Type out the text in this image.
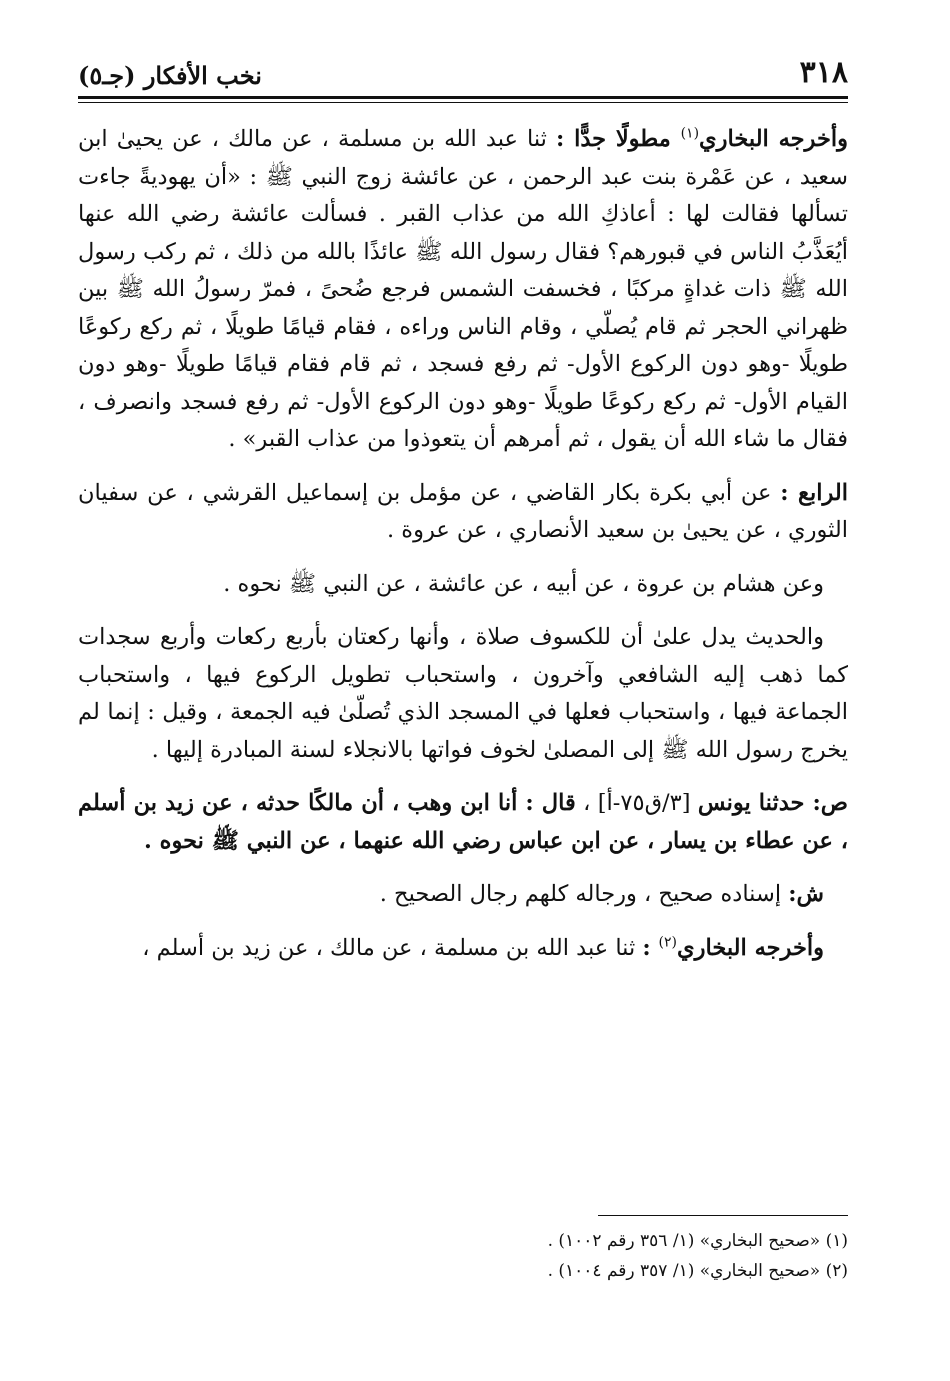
٣١٨
نخب الأفكار (جـ٥)

وأخرجه البخاري$^{(١)}$ مطولًا جدًّا : ثنا عبد الله بن مسلمة ، عن مالك ، عن يحيىٰ ابن سعيد ، عن عَمْرة بنت عبد الرحمن ، عن عائشة زوج النبي ﷺ : «أن يهوديةً جاءت تسألها فقالت لها : أعاذكِ الله من عذاب القبر . فسألت عائشة رضي الله عنها أيُعَذَّبُ الناس في قبورهم؟ فقال رسول الله ﷺ عائذًا بالله من ذلك ، ثم ركب رسول الله ﷺ ذات غداةٍ مركبًا ، فخسفت الشمس فرجع ضُحىً ، فمرّ رسولُ الله ﷺ بين ظهراني الحجر ثم قام يُصلّي ، وقام الناس وراءه ، فقام قيامًا طويلًا ، ثم ركع ركوعًا طويلًا -وهو دون الركوع الأول- ثم رفع فسجد ، ثم قام فقام قيامًا طويلًا -وهو دون القيام الأول- ثم ركع ركوعًا طويلًا -وهو دون الركوع الأول- ثم رفع فسجد وانصرف ، فقال ما شاء الله أن يقول ، ثم أمرهم أن يتعوذوا من عذاب القبر» .

الرابع : عن أبي بكرة بكار القاضي ، عن مؤمل بن إسماعيل القرشي ، عن سفيان الثوري ، عن يحيىٰ بن سعيد الأنصاري ، عن عروة .

وعن هشام بن عروة ، عن أبيه ، عن عائشة ، عن النبي ﷺ نحوه .

والحديث يدل علىٰ أن للكسوف صلاة ، وأنها ركعتان بأربع ركعات وأربع سجدات كما ذهب إليه الشافعي وآخرون ، واستحباب تطويل الركوع فيها ، واستحباب الجماعة فيها ، واستحباب فعلها في المسجد الذي تُصلّىٰ فيه الجمعة ، وقيل : إنما لم يخرج رسول الله ﷺ إلى المصلىٰ لخوف فواتها بالانجلاء لسنة المبادرة إليها .

ص: حدثنا يونس [٣/ق٧٥-أ] ، قال : أنا ابن وهب ، أن مالكًا حدثه ، عن زيد بن أسلم ، عن عطاء بن يسار ، عن ابن عباس رضي الله عنهما ، عن النبي ﷺ نحوه .

ش: إسناده صحيح ، ورجاله كلهم رجال الصحيح .

وأخرجه البخاري$^{(٢)}$ : ثنا عبد الله بن مسلمة ، عن مالك ، عن زيد بن أسلم ،

(١) «صحيح البخاري» (١/ ٣٥٦ رقم ١٠٠٢) .

(٢) «صحيح البخاري» (١/ ٣٥٧ رقم ١٠٠٤) .
